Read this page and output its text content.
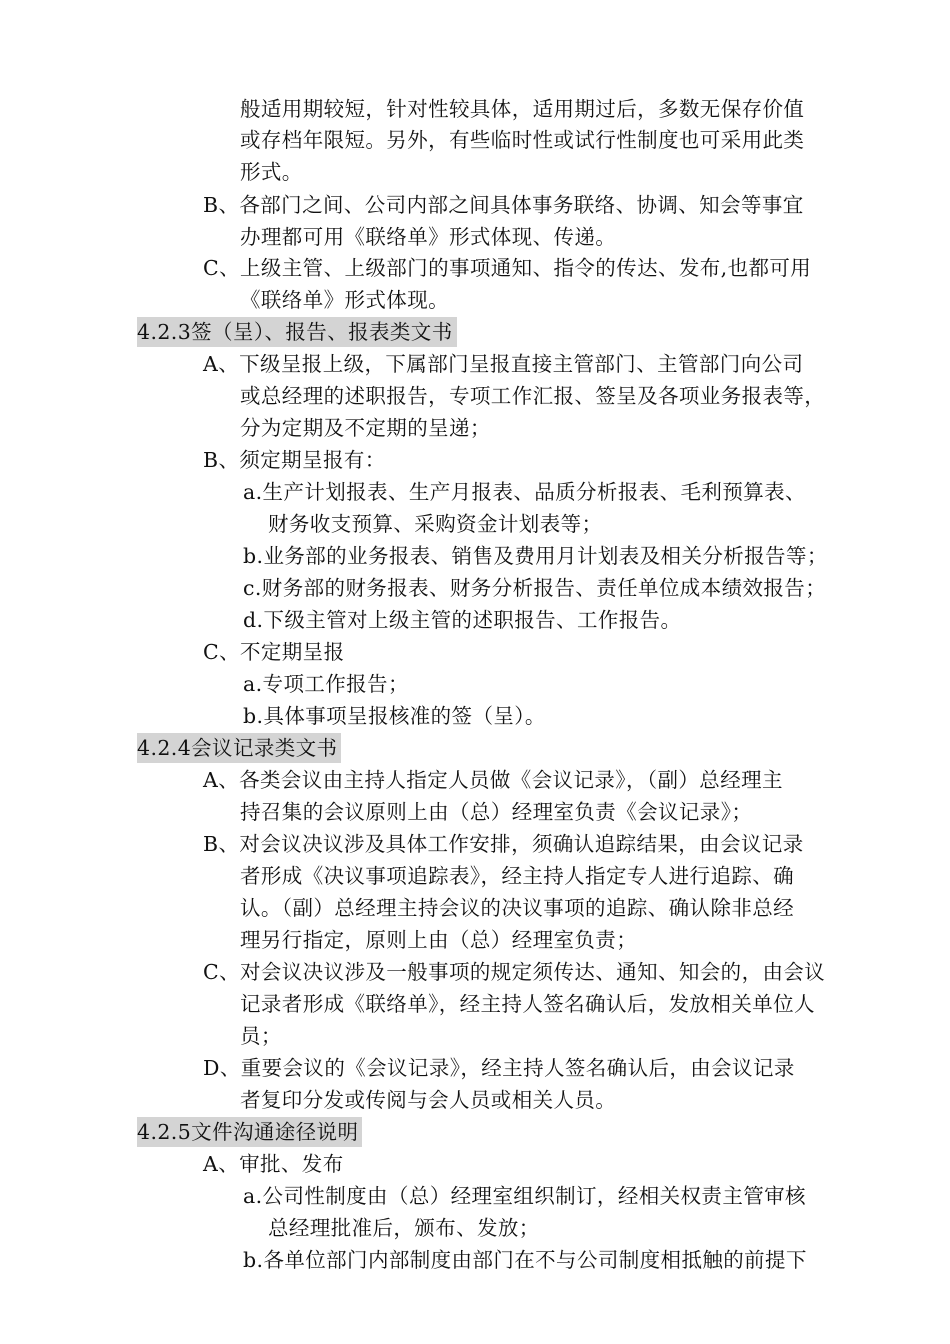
般适用期较短，针对性较具体，适用期过后，多数无保存价值
或存档年限短。另外，有些临时性或试行性制度也可采用此类
形式。
B、各部门之间、公司内部之间具体事务联络、协调、知会等事宜
办理都可用《联络单》形式体现、传递。
C、上级主管、上级部门的事项通知、指令的传达、发布,也都可用
《联络单》形式体现。
4.2.3签（呈）、报告、报表类文书
A、下级呈报上级，下属部门呈报直接主管部门、主管部门向公司
或总经理的述职报告，专项工作汇报、签呈及各项业务报表等，
分为定期及不定期的呈递；
B、须定期呈报有：
a.生产计划报表、生产月报表、品质分析报表、毛利预算表、
财务收支预算、采购资金计划表等；
b.业务部的业务报表、销售及费用月计划表及相关分析报告等；
c.财务部的财务报表、财务分析报告、责任单位成本绩效报告；
d.下级主管对上级主管的述职报告、工作报告。
C、不定期呈报
a.专项工作报告；
b.具体事项呈报核准的签（呈）。
4.2.4会议记录类文书
A、各类会议由主持人指定人员做《会议记录》，（副）总经理主
持召集的会议原则上由（总）经理室负责《会议记录》；
B、对会议决议涉及具体工作安排，须确认追踪结果，由会议记录
者形成《决议事项追踪表》，经主持人指定专人进行追踪、确
认。（副）总经理主持会议的决议事项的追踪、确认除非总经
理另行指定，原则上由（总）经理室负责；
C、对会议决议涉及一般事项的规定须传达、通知、知会的，由会议
记录者形成《联络单》，经主持人签名确认后，发放相关单位人
员；
D、重要会议的《会议记录》，经主持人签名确认后，由会议记录
者复印分发或传阅与会人员或相关人员。
4.2.5文件沟通途径说明
A、审批、发布
a.公司性制度由（总）经理室组织制订，经相关权责主管审核
总经理批准后，颁布、发放；
b.各单位部门内部制度由部门在不与公司制度相抵触的前提下
